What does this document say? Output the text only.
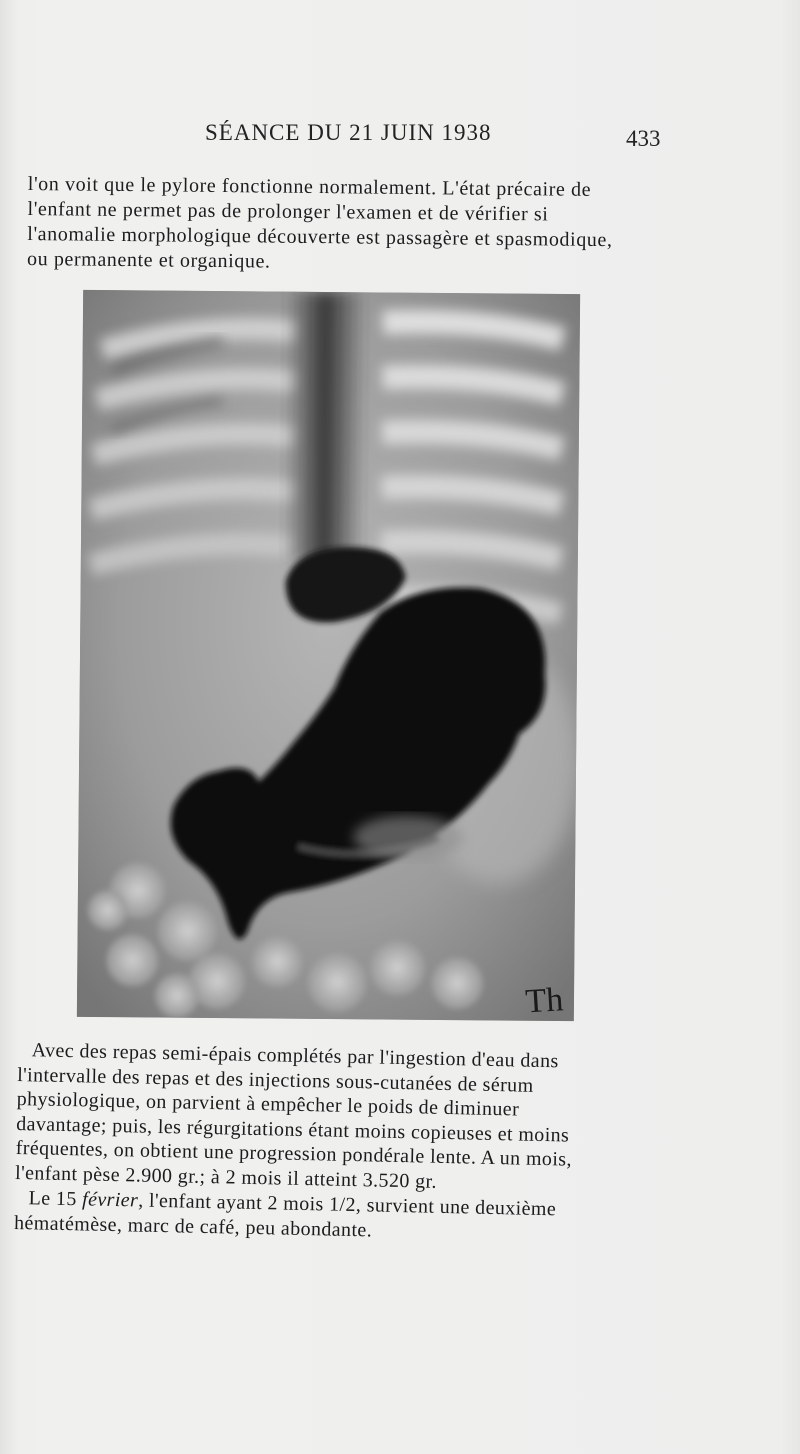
SÉANCE DU 21 JUIN 1938	433
l'on voit que le pylore fonctionne normalement. L'état précaire de
l'enfant ne permet pas de prolonger l'examen et de vérifier si
l'anomalie morphologique découverte est passagère et spasmodique,
ou permanente et organique.
Th
Avec des repas semi-épais complétés par l'ingestion d'eau dans
l'intervalle des repas et des injections sous-cutanées de sérum
physiologique, on parvient à empêcher le poids de diminuer
davantage; puis, les régurgitations étant moins copieuses et moins
fréquentes, on obtient une progression pondérale lente. A un mois,
l'enfant pèse 2.900 gr.; à 2 mois il atteint 3.520 gr.
Le 15 février, l'enfant ayant 2 mois 1/2, survient une deuxième
hématémèse, marc de café, peu abondante.
